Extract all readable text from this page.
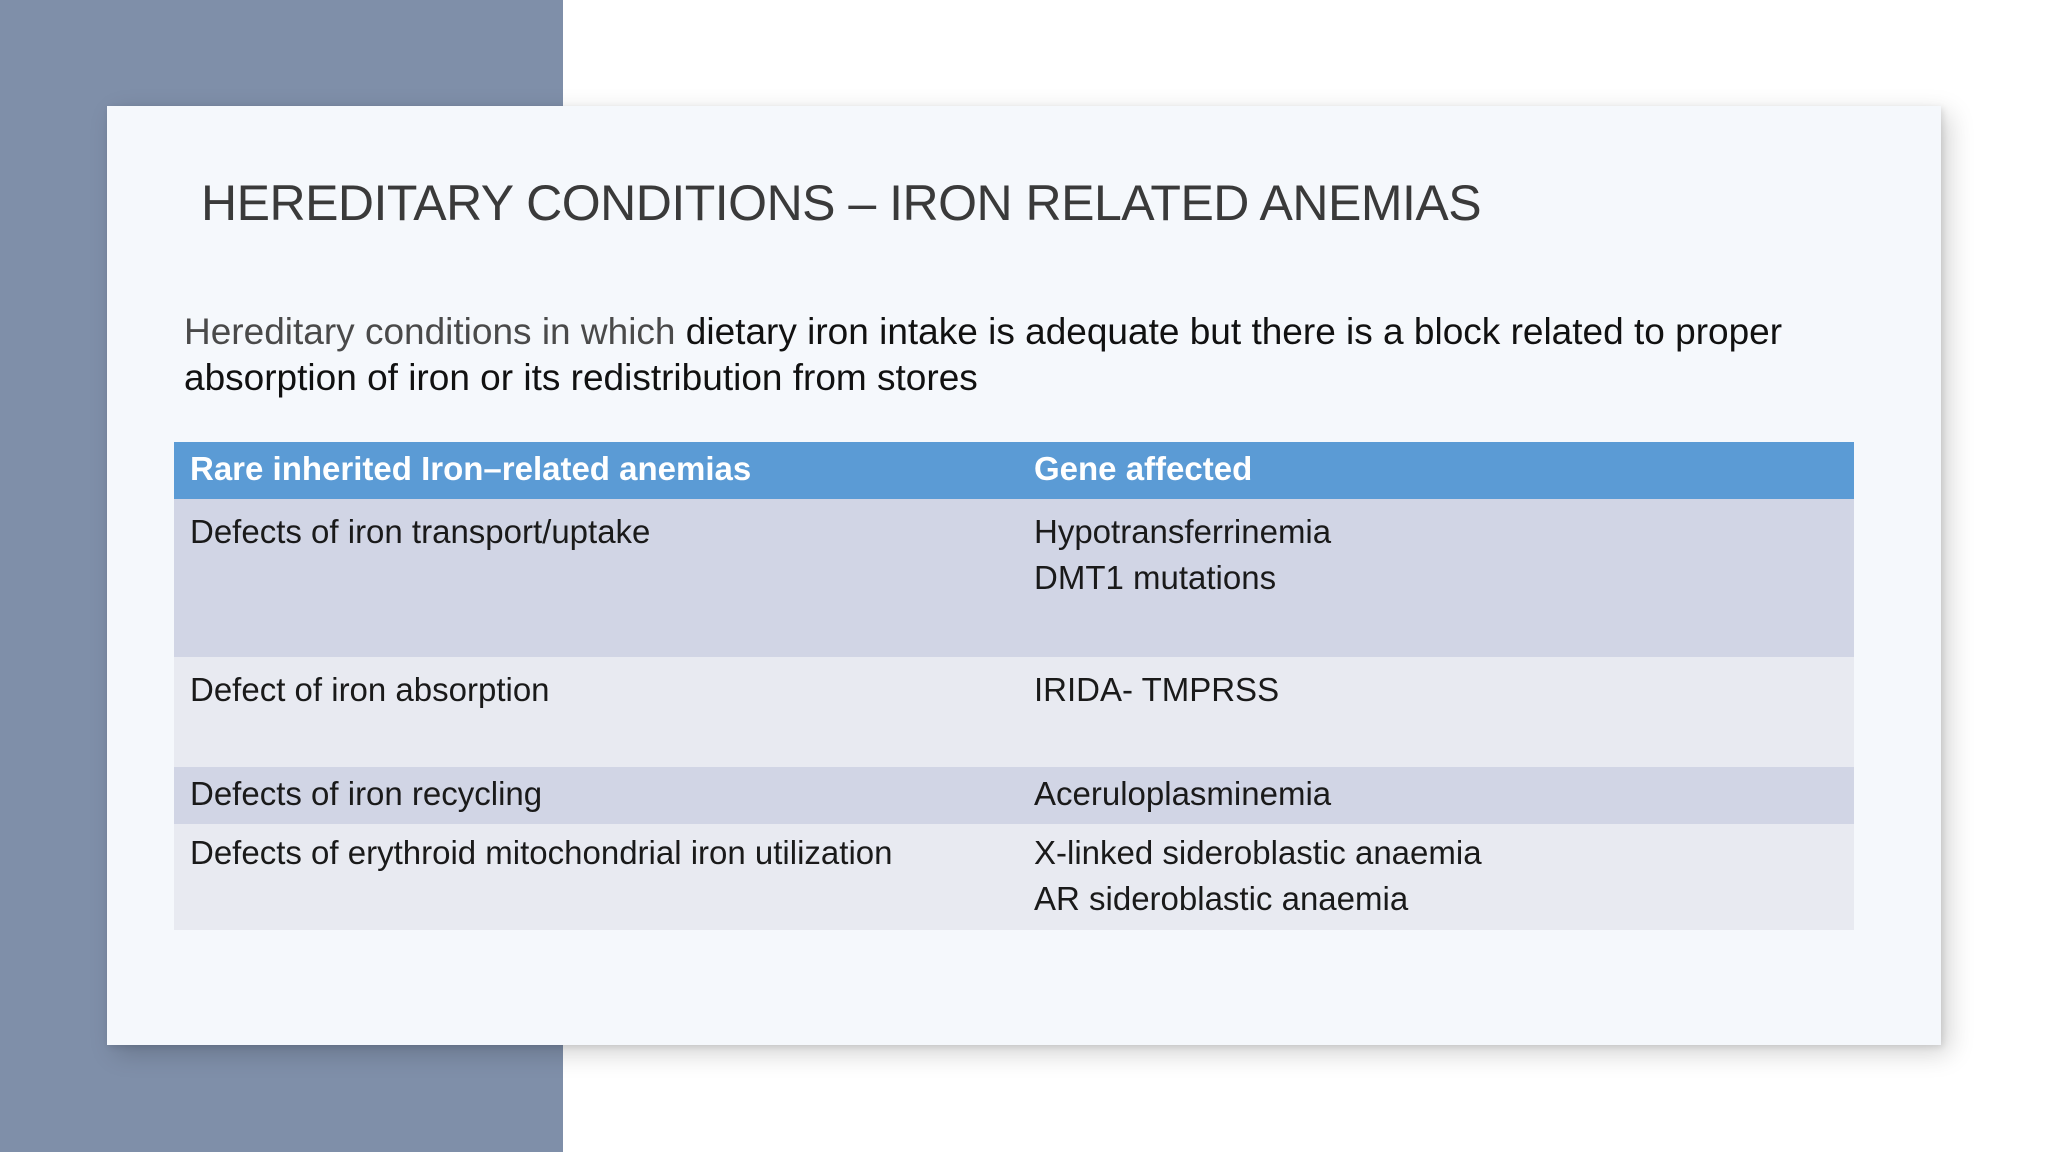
HEREDITARY CONDITIONS – IRON RELATED ANEMIAS

Hereditary conditions in which dietary iron intake is adequate but there is a block related to proper absorption of iron or its redistribution from stores

Rare inherited Iron–related anemias	Gene affected
Defects of iron transport/uptake	Hypotransferrinemia
DMT1 mutations

Defect of iron absorption	IRIDA- TMPRSS

Defects of iron recycling	Aceruloplasminemia

Defects of erythroid mitochondrial iron utilization	X-linked sideroblastic anaemia
AR sideroblastic anaemia
